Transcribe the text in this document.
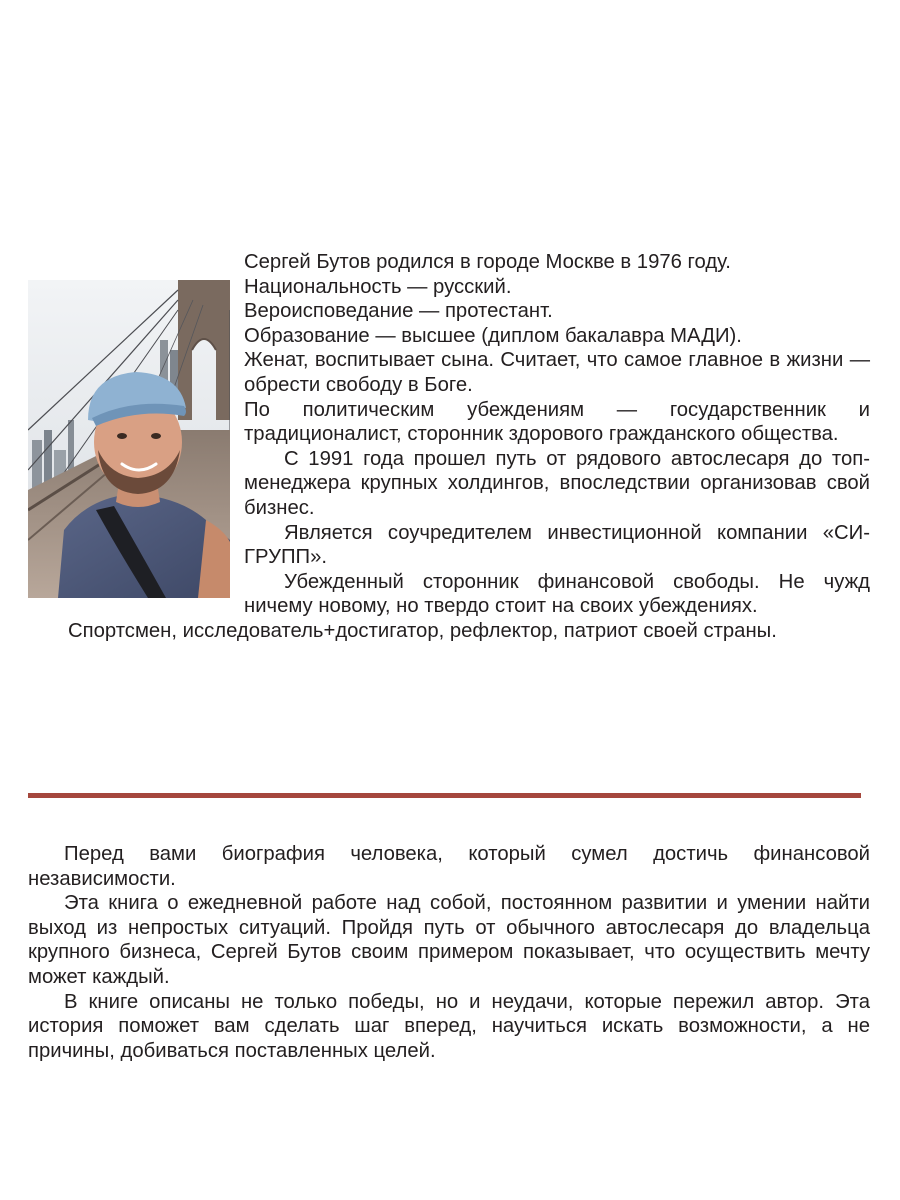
Сергей Бутов родился в городе Москве в 1976 году.

Национальность — русский.

Вероисповедание — протестант.

Образование — высшее (диплом бакалавра МАДИ).

Женат, воспитывает сына. Считает, что самое главное в жизни — обрести свободу в Боге.

По политическим убеждениям — государственник и традиционалист, сторонник здорового гражданского общества.

С 1991 года прошел путь от рядового автослесаря до топ-менеджера крупных холдингов, впоследствии организовав свой бизнес.

Является соучредителем инвестиционной компании «СИ-ГРУПП».

Убежденный сторонник финансовой свободы. Не чужд ничему новому, но твердо стоит на своих убеждениях.

Спортсмен, исследователь+достигатор, рефлектор, патриот своей страны.

Перед вами биография человека, который сумел достичь финансовой независимости.

Эта книга о ежедневной работе над собой, постоянном развитии и умении найти выход из непростых ситуаций. Пройдя путь от обычного автослесаря до владельца крупного бизнеса, Сергей Бутов своим примером показывает, что осуществить мечту может каждый.

В книге описаны не только победы, но и неудачи, которые пережил автор. Эта история поможет вам сделать шаг вперед, научиться искать возможности, а не причины, добиваться поставленных целей.
